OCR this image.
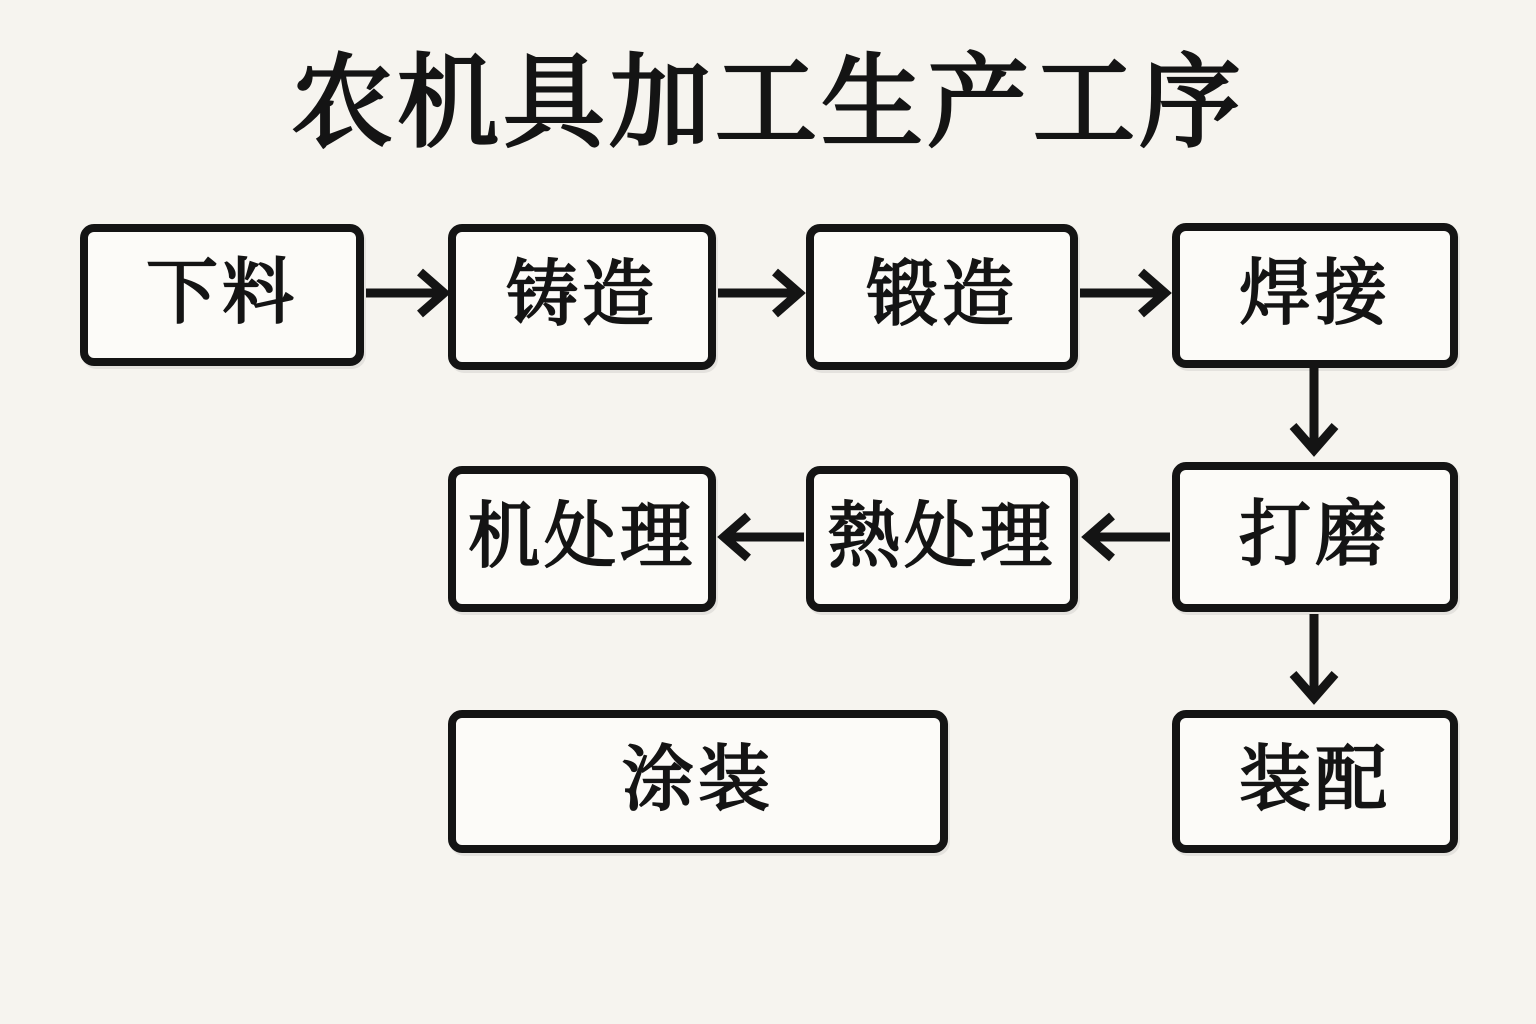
农机具加工生产工序
下料	铸造	锻造	焊接
机处理 熱处理	打磨
涂装	装配
